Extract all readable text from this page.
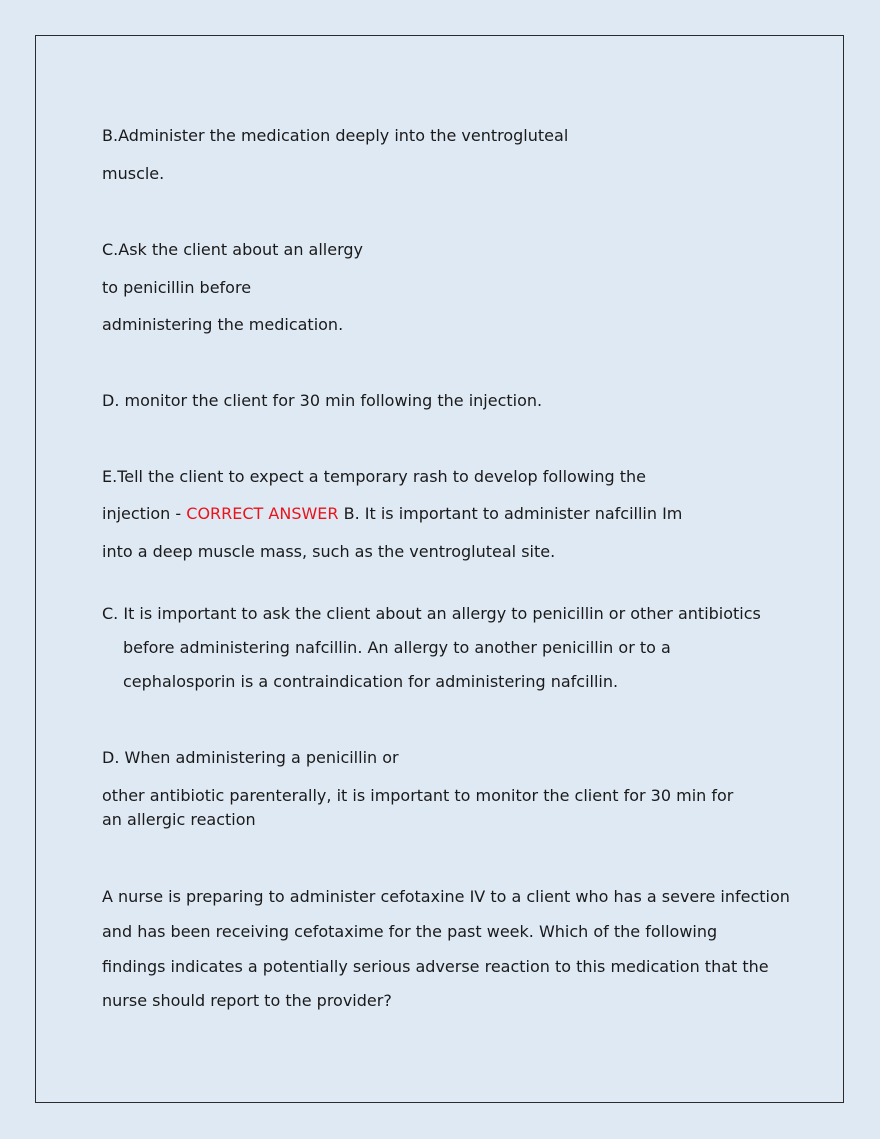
B.Administer the medication deeply into the ventrogluteal
muscle.
C.Ask the client about an allergy
to penicillin before
administering the medication.
D. monitor the client for 30 min following the injection.
E.Tell the client to expect a temporary rash to develop following the
injection - CORRECT ANSWER B. It is important to administer nafcillin Im
into a deep muscle mass, such as the ventrogluteal site.
C. It is important to ask the client about an allergy to penicillin or other antibiotics
before administering nafcillin. An allergy to another penicillin or to a
cephalosporin is a contraindication for administering nafcillin.
D. When administering a penicillin or
other antibiotic parenterally, it is important to monitor the client for 30 min for an allergic reaction
A nurse is preparing to administer cefotaxine IV to a client who has a severe infection
and has been receiving cefotaxime for the past week. Which of the following
findings indicates a potentially serious adverse reaction to this medication that the
nurse should report to the provider?
